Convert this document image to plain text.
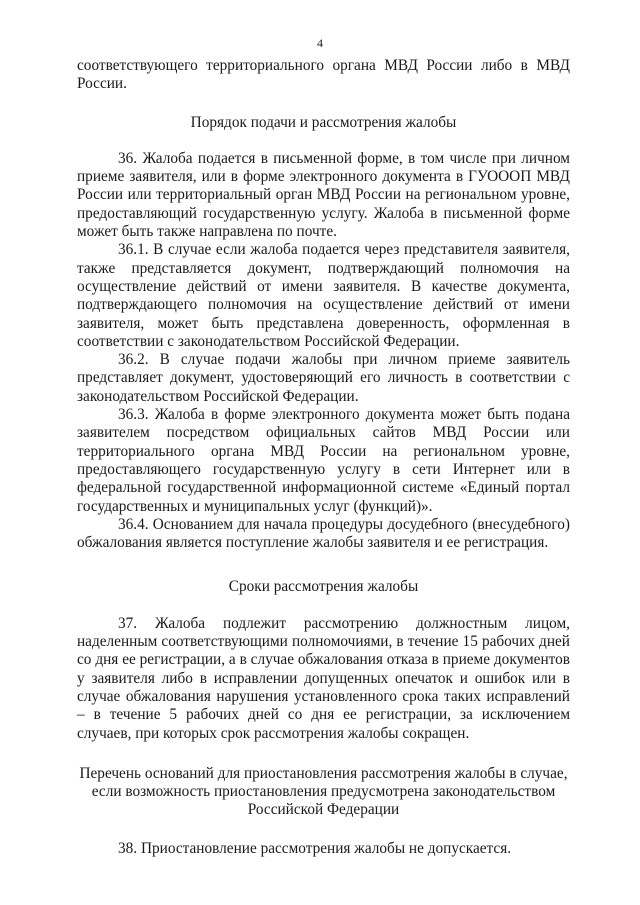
4

соответствующего территориального органа МВД России либо в МВД России.

Порядок подачи и рассмотрения жалобы

36. Жалоба подается в письменной форме, в том числе при личном приеме заявителя, или в форме электронного документа в ГУОООП МВД России или территориальный орган МВД России на региональном уровне, предоставляющий государственную услугу. Жалоба в письменной форме может быть также направлена по почте.

36.1. В случае если жалоба подается через представителя заявителя, также представляется документ, подтверждающий полномочия на осуществление действий от имени заявителя. В качестве документа, подтверждающего полномочия на осуществление действий от имени заявителя, может быть представлена доверенность, оформленная в соответствии с законодательством Российской Федерации.

36.2. В случае подачи жалобы при личном приеме заявитель представляет документ, удостоверяющий его личность в соответствии с законодательством Российской Федерации.

36.3. Жалоба в форме электронного документа может быть подана заявителем посредством официальных сайтов МВД России или территориального органа МВД России на региональном уровне, предоставляющего государственную услугу в сети Интернет или в федеральной государственной информационной системе «Единый портал государственных и муниципальных услуг (функций)».

36.4. Основанием для начала процедуры досудебного (внесудебного) обжалования является поступление жалобы заявителя и ее регистрация.

Сроки рассмотрения жалобы

37. Жалоба подлежит рассмотрению должностным лицом, наделенным соответствующими полномочиями, в течение 15 рабочих дней со дня ее регистрации, а в случае обжалования отказа в приеме документов у заявителя либо в исправлении допущенных опечаток и ошибок или в случае обжалования нарушения установленного срока таких исправлений – в течение 5 рабочих дней со дня ее регистрации, за исключением случаев, при которых срок рассмотрения жалобы сокращен.

Перечень оснований для приостановления рассмотрения жалобы в случае,

если возможность приостановления предусмотрена законодательством

Российской Федерации

38. Приостановление рассмотрения жалобы не допускается.
